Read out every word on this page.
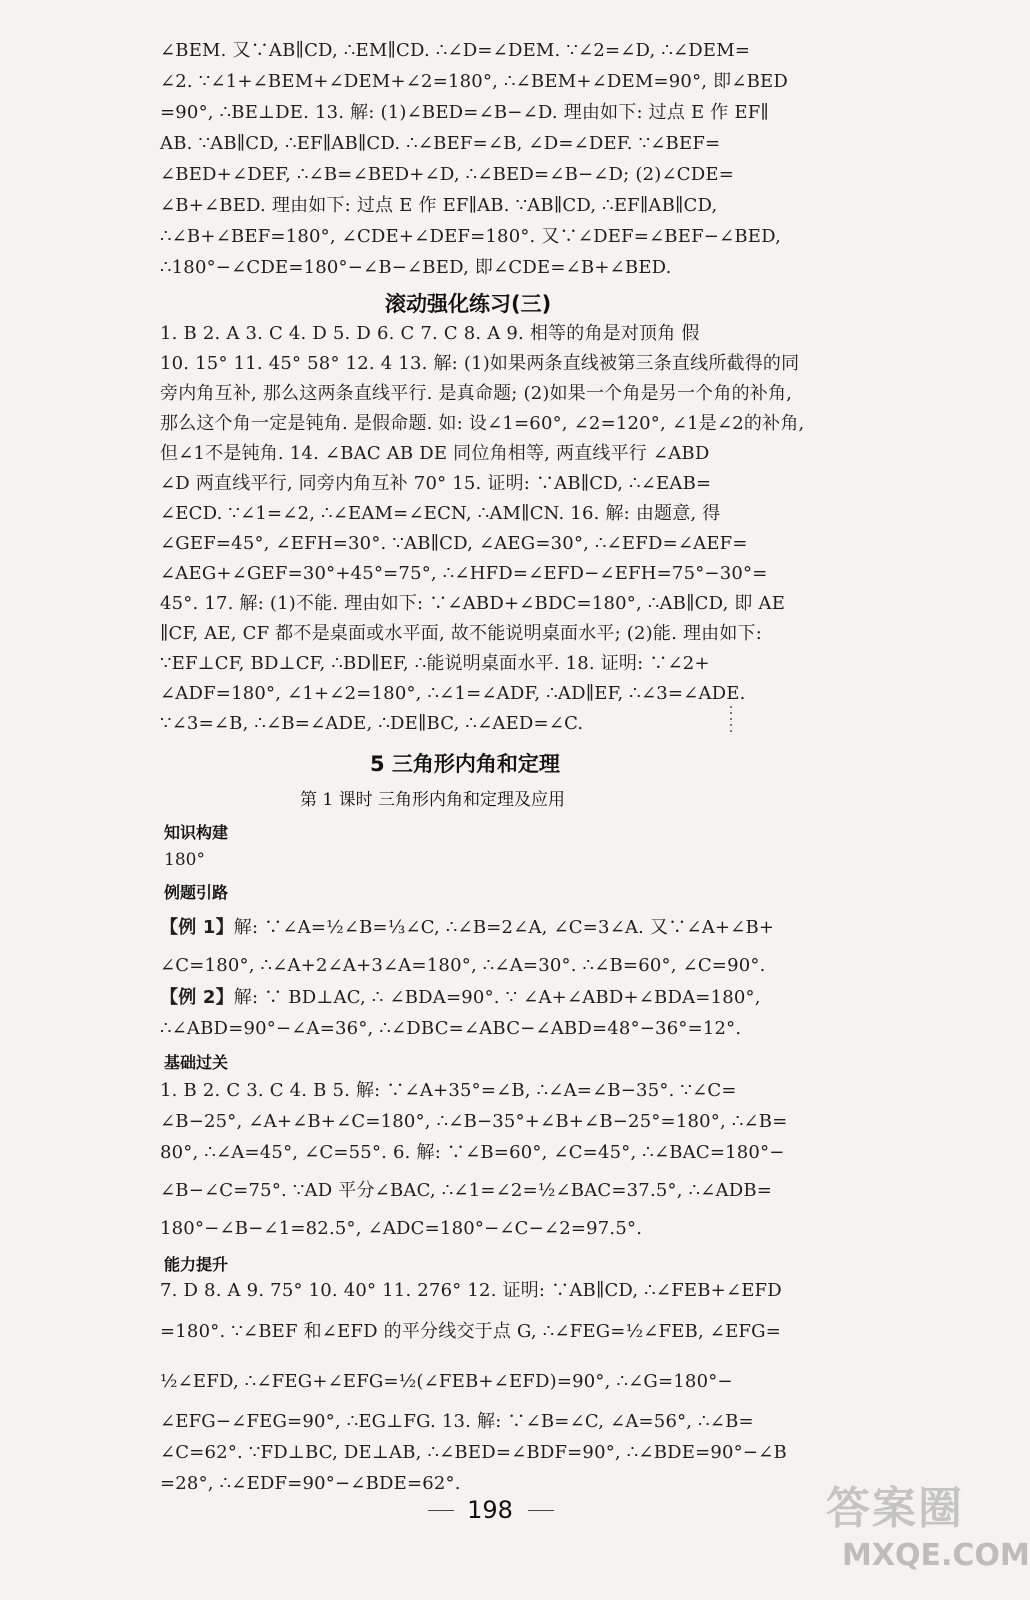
∠BEM. 又∵AB∥CD, ∴EM∥CD. ∴∠D=∠DEM. ∵∠2=∠D, ∴∠DEM=
∠2. ∵∠1+∠BEM+∠DEM+∠2=180°, ∴∠BEM+∠DEM=90°, 即∠BED
=90°, ∴BE⊥DE. 13. 解: (1)∠BED=∠B−∠D. 理由如下: 过点 E 作 EF∥
AB. ∵AB∥CD, ∴EF∥AB∥CD. ∴∠BEF=∠B, ∠D=∠DEF. ∵∠BEF=
∠BED+∠DEF, ∴∠B=∠BED+∠D, ∴∠BED=∠B−∠D; (2)∠CDE=
∠B+∠BED. 理由如下: 过点 E 作 EF∥AB. ∵AB∥CD, ∴EF∥AB∥CD,
∴∠B+∠BEF=180°, ∠CDE+∠DEF=180°. 又∵∠DEF=∠BEF−∠BED,
∴180°−∠CDE=180°−∠B−∠BED, 即∠CDE=∠B+∠BED.
滚动强化练习(三)
1. B 2. A 3. C 4. D 5. D 6. C 7. C 8. A 9. 相等的角是对顶角 假
10. 15° 11. 45° 58° 12. 4 13. 解: (1)如果两条直线被第三条直线所截得的同
旁内角互补, 那么这两条直线平行. 是真命题; (2)如果一个角是另一个角的补角,
那么这个角一定是钝角. 是假命题. 如: 设∠1=60°, ∠2=120°, ∠1是∠2的补角,
但∠1不是钝角. 14. ∠BAC AB DE 同位角相等, 两直线平行 ∠ABD
∠D 两直线平行, 同旁内角互补 70° 15. 证明: ∵AB∥CD, ∴∠EAB=
∠ECD. ∵∠1=∠2, ∴∠EAM=∠ECN, ∴AM∥CN. 16. 解: 由题意, 得
∠GEF=45°, ∠EFH=30°. ∵AB∥CD, ∠AEG=30°, ∴∠EFD=∠AEF=
∠AEG+∠GEF=30°+45°=75°, ∴∠HFD=∠EFD−∠EFH=75°−30°=
45°. 17. 解: (1)不能. 理由如下: ∵∠ABD+∠BDC=180°, ∴AB∥CD, 即 AE
∥CF, AE, CF 都不是桌面或水平面, 故不能说明桌面水平; (2)能. 理由如下:
∵EF⊥CF, BD⊥CF, ∴BD∥EF, ∴能说明桌面水平. 18. 证明: ∵∠2+
∠ADF=180°, ∠1+∠2=180°, ∴∠1=∠ADF, ∴AD∥EF, ∴∠3=∠ADE.
∵∠3=∠B, ∴∠B=∠ADE, ∴DE∥BC, ∴∠AED=∠C.
5 三角形内角和定理
第 1 课时 三角形内角和定理及应用
知识构建
180°
例题引路
【例 1】解: ∵∠A=½∠B=⅓∠C, ∴∠B=2∠A, ∠C=3∠A. 又∵∠A+∠B+
∠C=180°, ∴∠A+2∠A+3∠A=180°, ∴∠A=30°. ∴∠B=60°, ∠C=90°.
【例 2】解: ∵ BD⊥AC, ∴ ∠BDA=90°. ∵ ∠A+∠ABD+∠BDA=180°,
∴∠ABD=90°−∠A=36°, ∴∠DBC=∠ABC−∠ABD=48°−36°=12°.
基础过关
1. B 2. C 3. C 4. B 5. 解: ∵∠A+35°=∠B, ∴∠A=∠B−35°. ∵∠C=
∠B−25°, ∠A+∠B+∠C=180°, ∴∠B−35°+∠B+∠B−25°=180°, ∴∠B=
80°, ∴∠A=45°, ∠C=55°. 6. 解: ∵∠B=60°, ∠C=45°, ∴∠BAC=180°−
∠B−∠C=75°. ∵AD 平分∠BAC, ∴∠1=∠2=½∠BAC=37.5°, ∴∠ADB=
180°−∠B−∠1=82.5°, ∠ADC=180°−∠C−∠2=97.5°.
能力提升
7. D 8. A 9. 75° 10. 40° 11. 276° 12. 证明: ∵AB∥CD, ∴∠FEB+∠EFD
=180°. ∵∠BEF 和∠EFD 的平分线交于点 G, ∴∠FEG=½∠FEB, ∠EFG=
½∠EFD, ∴∠FEG+∠EFG=½(∠FEB+∠EFD)=90°, ∴∠G=180°−
∠EFG−∠FEG=90°, ∴EG⊥FG. 13. 解: ∵∠B=∠C, ∠A=56°, ∴∠B=
∠C=62°. ∵FD⊥BC, DE⊥AB, ∴∠BED=∠BDF=90°, ∴∠BDE=90°−∠B
=28°, ∴∠EDF=90°−∠BDE=62°.
198	答案圈
MXQE.COM
